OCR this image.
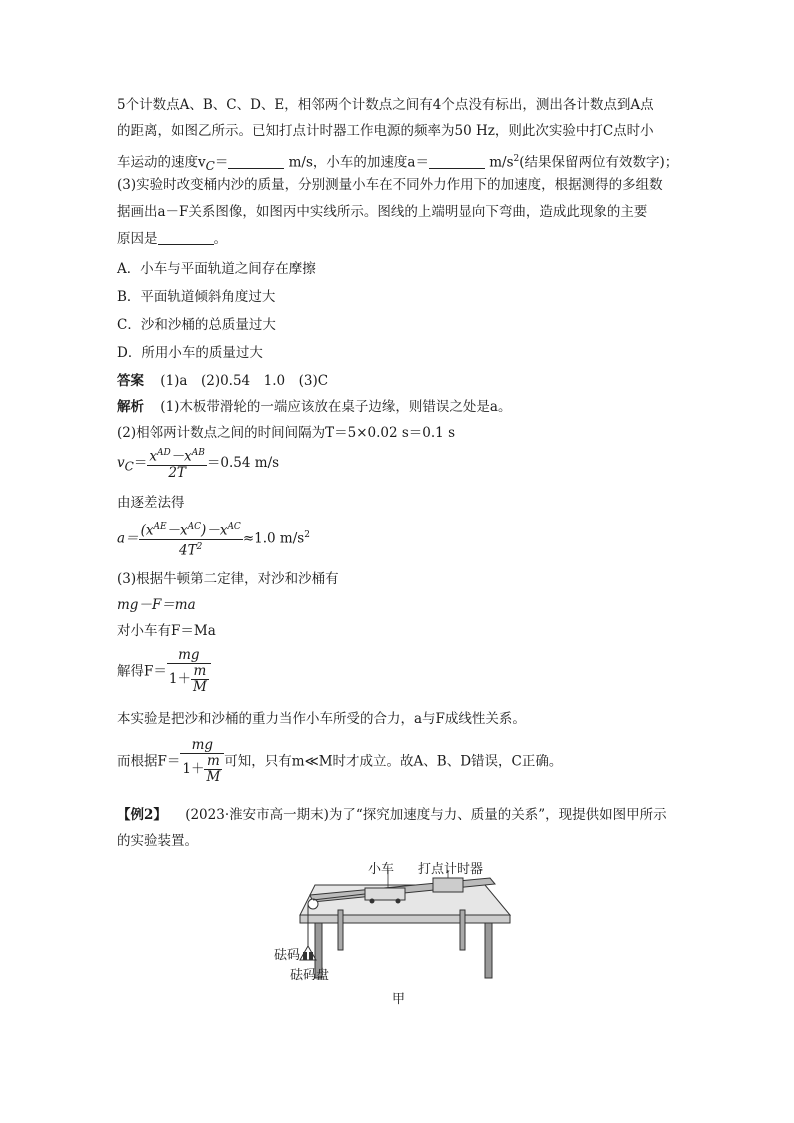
5个计数点A、B、C、D、E，相邻两个计数点之间有4个点没有标出，测出各计数点到A点
的距离，如图乙所示。已知打点计时器工作电源的频率为50 Hz，则此次实验中打C点时小
车运动的速度$v_C=$	m/s，小车的加速度a＝	$m/s^2$(结果保留两位有效数字)；
(3)实验时改变桶内沙的质量，分别测量小车在不同外力作用下的加速度，根据测得的多组数
据画出a－F关系图像，如图丙中实线所示。图线的上端明显向下弯曲，造成此现象的主要
原因是	。
A．小车与平面轨道之间存在摩擦
B．平面轨道倾斜角度过大
C．沙和沙桶的总质量过大
D．所用小车的质量过大
答案 (1)a　(2)0.54　1.0　(3)C
解析 (1)木板带滑轮的一端应该放在桌子边缘，则错误之处是a。
(2)相邻两计数点之间的时间间隔为T＝5×0.02 s＝0.1 s
$v_C= \frac{x^{AD}-x^{AB}}{2T} =0.54$ m/s
由逐差法得
$a= \frac{(x^{AE}-x^{AC})-x^{AC}}{4T^2} \approx 1.0$ $m/s^2$
(3)根据牛顿第二定律，对沙和沙桶有
mg－F＝ma
对小车有F＝Ma
解得$F= \frac{mg}{1+ \frac{m}{M}}$
本实验是把沙和沙桶的重力当作小车所受的合力，a与F成线性关系。
而根据$F= \frac{mg}{1+ \frac{m}{M}}$ 可知，只有m≪M时才成立。故A、B、D错误，C正确。
【例2】 (2023·淮安市高一期末)为了“探究加速度与力、质量的关系”，现提供如图甲所示
的实验装置。
小车 打点计时器
砝码
砝码盘
甲
